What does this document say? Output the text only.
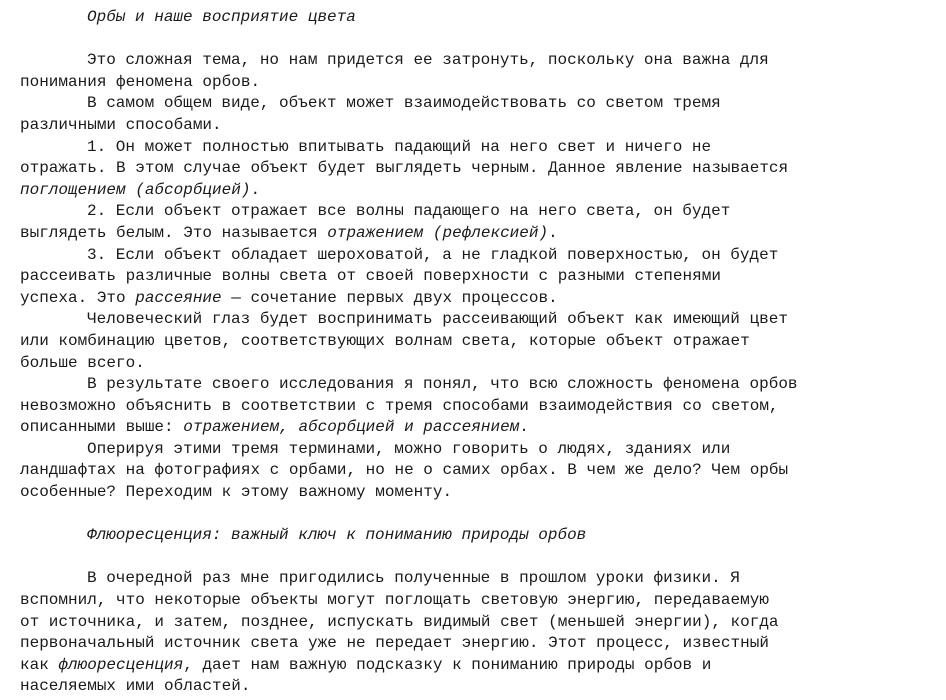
Орбы и наше восприятие цвета
Это сложная тема, но нам придется ее затронуть, поскольку она важна для
понимания феномена орбов.
В самом общем виде, объект может взаимодействовать со светом тремя
различными способами.
1. Он может полностью впитывать падающий на него свет и ничего не
отражать. В этом случае объект будет выглядеть черным. Данное явление называется
поглощением (абсорбцией).
2. Если объект отражает все волны падающего на него света, он будет
выглядеть белым. Это называется отражением (рефлексией).
3. Если объект обладает шероховатой, а не гладкой поверхностью, он будет
рассеивать различные волны света от своей поверхности с разными степенями
успеха. Это рассеяние — сочетание первых двух процессов.
Человеческий глаз будет воспринимать рассеивающий объект как имеющий цвет
или комбинацию цветов, соответствующих волнам света, которые объект отражает
больше всего.
В результате своего исследования я понял, что всю сложность феномена орбов
невозможно объяснить в соответствии с тремя способами взаимодействия со светом,
описанными выше: отражением, абсорбцией и рассеянием.
Оперируя этими тремя терминами, можно говорить о людях, зданиях или
ландшафтах на фотографиях с орбами, но не о самих орбах. В чем же дело? Чем орбы
особенные? Переходим к этому важному моменту.
Флюоресценция: важный ключ к пониманию природы орбов
В очередной раз мне пригодились полученные в прошлом уроки физики. Я
вспомнил, что некоторые объекты могут поглощать световую энергию, передаваемую
от источника, и затем, позднее, испускать видимый свет (меньшей энергии), когда
первоначальный источник света уже не передает энергию. Этот процесс, известный
как флюоресценция, дает нам важную подсказку к пониманию природы орбов и
населяемых ими областей.
